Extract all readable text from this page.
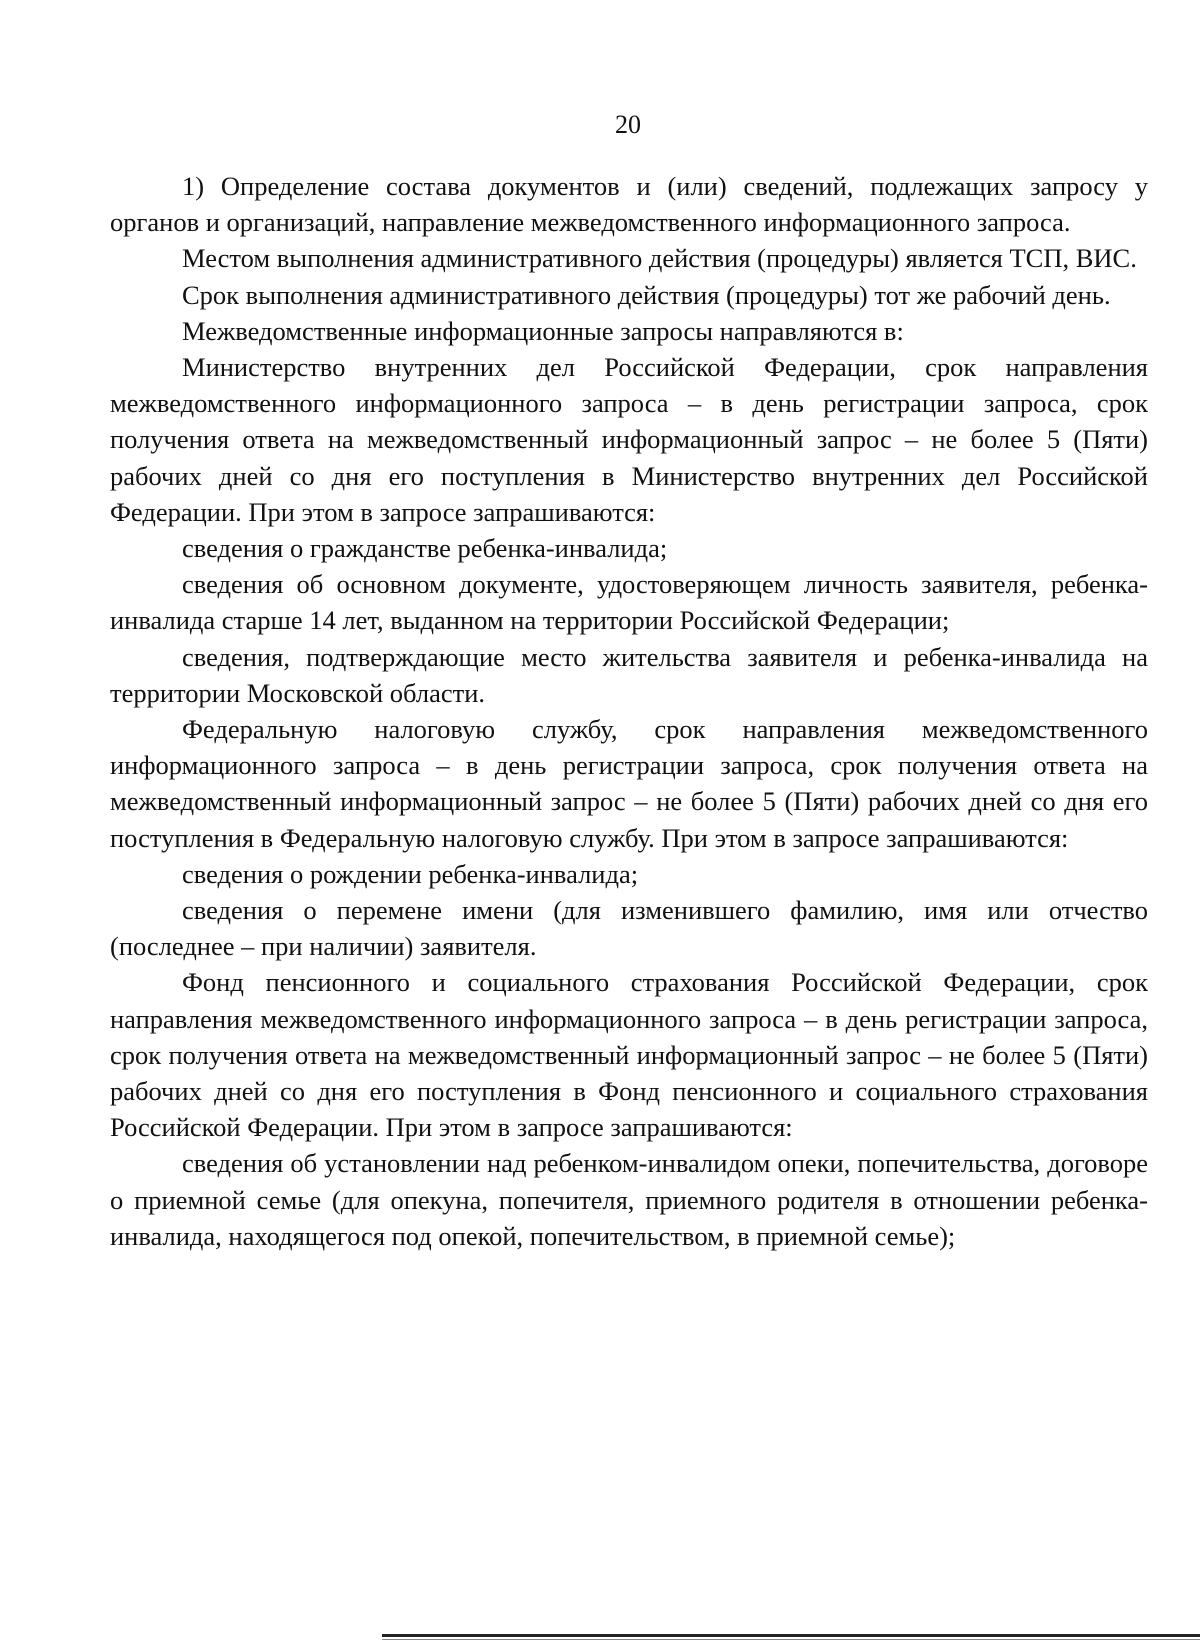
20

1) Определение состава документов и (или) сведений, подлежащих запросу у органов и организаций, направление межведомственного информационного запроса.

Местом выполнения административного действия (процедуры) является ТСП, ВИС.

Срок выполнения административного действия (процедуры) тот же рабочий день.

Межведомственные информационные запросы направляются в:

Министерство внутренних дел Российской Федерации, срок направления межведомственного информационного запроса – в день регистрации запроса, срок получения ответа на межведомственный информационный запрос – не более 5 (Пяти) рабочих дней со дня его поступления в Министерство внутренних дел Российской Федерации. При этом в запросе запрашиваются:

сведения о гражданстве ребенка-инвалида;

сведения об основном документе, удостоверяющем личность заявителя, ребенка-инвалида старше 14 лет, выданном на территории Российской Федерации;

сведения, подтверждающие место жительства заявителя и ребенка-инвалида на территории Московской области.

Федеральную налоговую службу, срок направления межведомственного информационного запроса – в день регистрации запроса, срок получения ответа на межведомственный информационный запрос – не более 5 (Пяти) рабочих дней со дня его поступления в Федеральную налоговую службу. При этом в запросе запрашиваются:

сведения о рождении ребенка-инвалида;

сведения о перемене имени (для изменившего фамилию, имя или отчество (последнее – при наличии) заявителя.

Фонд пенсионного и социального страхования Российской Федерации, срок направления межведомственного информационного запроса – в день регистрации запроса, срок получения ответа на межведомственный информационный запрос – не более 5 (Пяти) рабочих дней со дня его поступления в Фонд пенсионного и социального страхования Российской Федерации. При этом в запросе запрашиваются:

сведения об установлении над ребенком-инвалидом опеки, попечительства, договоре о приемной семье (для опекуна, попечителя, приемного родителя в отношении ребенка-инвалида, находящегося под опекой, попечительством, в приемной семье);
